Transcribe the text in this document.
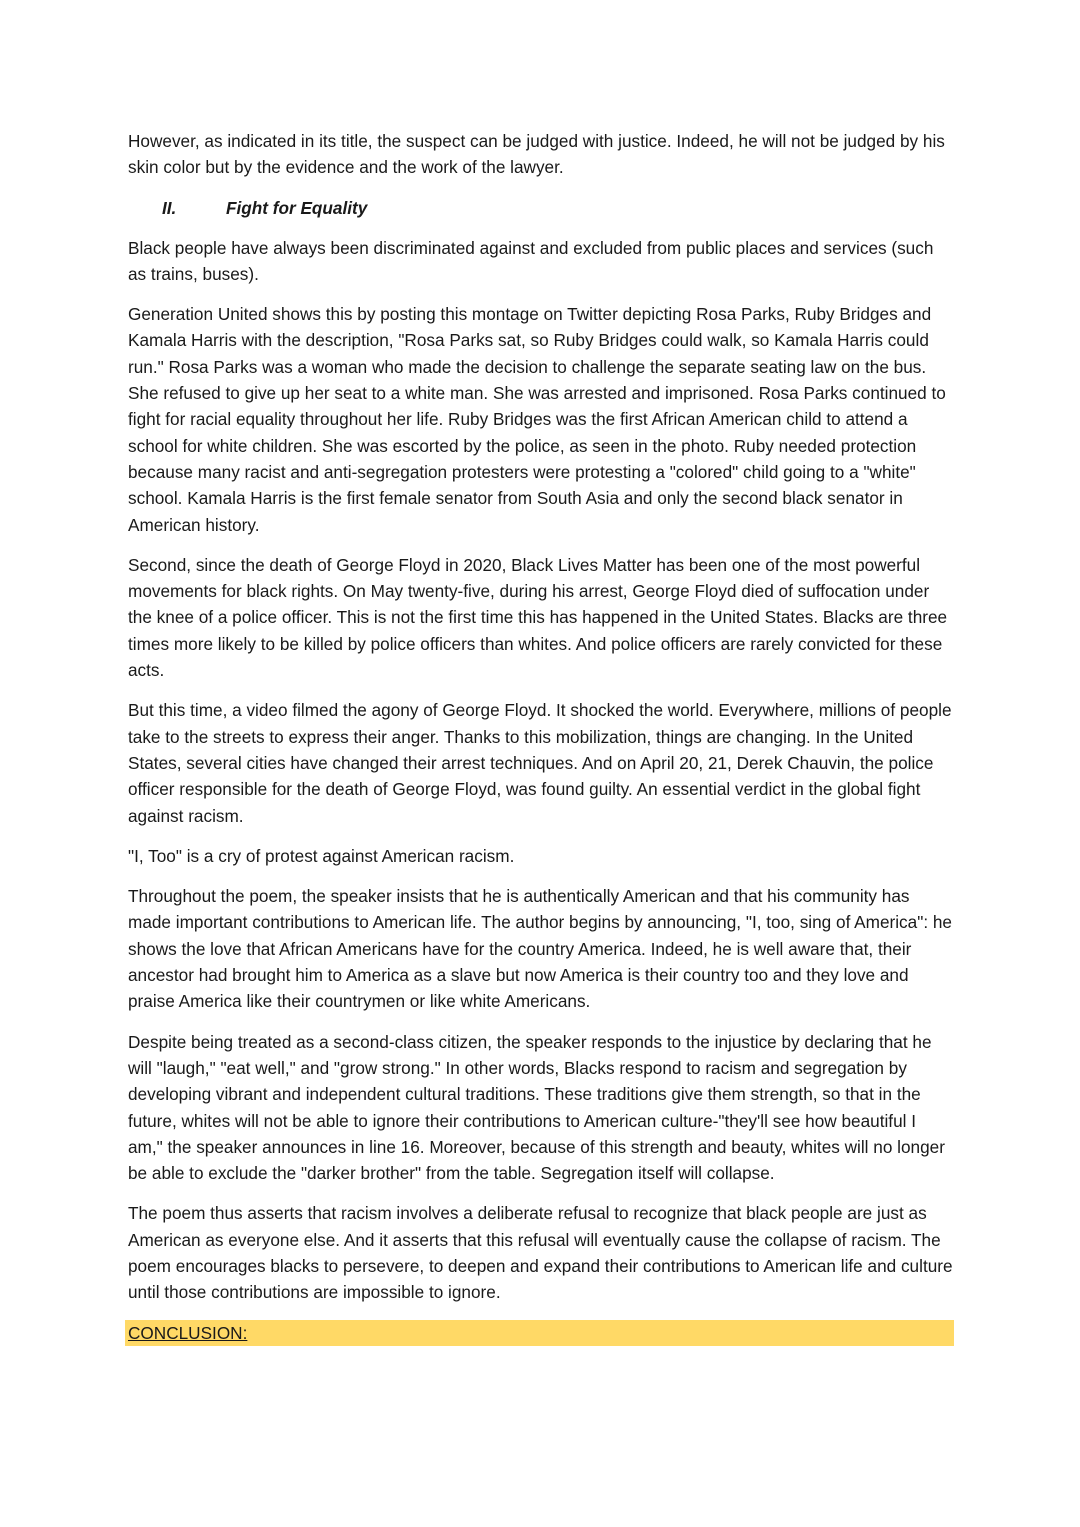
However, as indicated in its title, the suspect can be judged with justice. Indeed, he will not be judged by his skin color but by the evidence and the work of the lawyer.

II.	Fight for Equality

Black people have always been discriminated against and excluded from public places and services (such as trains, buses).

Generation United shows this by posting this montage on Twitter depicting Rosa Parks, Ruby Bridges and Kamala Harris with the description, "Rosa Parks sat, so Ruby Bridges could walk, so Kamala Harris could run." Rosa Parks was a woman who made the decision to challenge the separate seating law on the bus. She refused to give up her seat to a white man. She was arrested and imprisoned. Rosa Parks continued to fight for racial equality throughout her life. Ruby Bridges was the first African American child to attend a school for white children. She was escorted by the police, as seen in the photo. Ruby needed protection because many racist and anti-segregation protesters were protesting a "colored" child going to a "white" school. Kamala Harris is the first female senator from South Asia and only the second black senator in American history.

Second, since the death of George Floyd in 2020, Black Lives Matter has been one of the most powerful movements for black rights. On May twenty-five, during his arrest, George Floyd died of suffocation under the knee of a police officer. This is not the first time this has happened in the United States. Blacks are three times more likely to be killed by police officers than whites. And police officers are rarely convicted for these acts.

But this time, a video filmed the agony of George Floyd. It shocked the world. Everywhere, millions of people take to the streets to express their anger. Thanks to this mobilization, things are changing. In the United States, several cities have changed their arrest techniques. And on April 20, 21, Derek Chauvin, the police officer responsible for the death of George Floyd, was found guilty. An essential verdict in the global fight against racism.

"I, Too" is a cry of protest against American racism.

Throughout the poem, the speaker insists that he is authentically American and that his community has made important contributions to American life. The author begins by announcing, "I, too, sing of America": he shows the love that African Americans have for the country America. Indeed, he is well aware that, their ancestor had brought him to America as a slave but now America is their country too and they love and praise America like their countrymen or like white Americans.

Despite being treated as a second-class citizen, the speaker responds to the injustice by declaring that he will "laugh," "eat well," and "grow strong." In other words, Blacks respond to racism and segregation by developing vibrant and independent cultural traditions. These traditions give them strength, so that in the future, whites will not be able to ignore their contributions to American culture-"they'll see how beautiful I am," the speaker announces in line 16. Moreover, because of this strength and beauty, whites will no longer be able to exclude the "darker brother" from the table. Segregation itself will collapse.

The poem thus asserts that racism involves a deliberate refusal to recognize that black people are just as American as everyone else. And it asserts that this refusal will eventually cause the collapse of racism. The poem encourages blacks to persevere, to deepen and expand their contributions to American life and culture until those contributions are impossible to ignore.

CONCLUSION:
